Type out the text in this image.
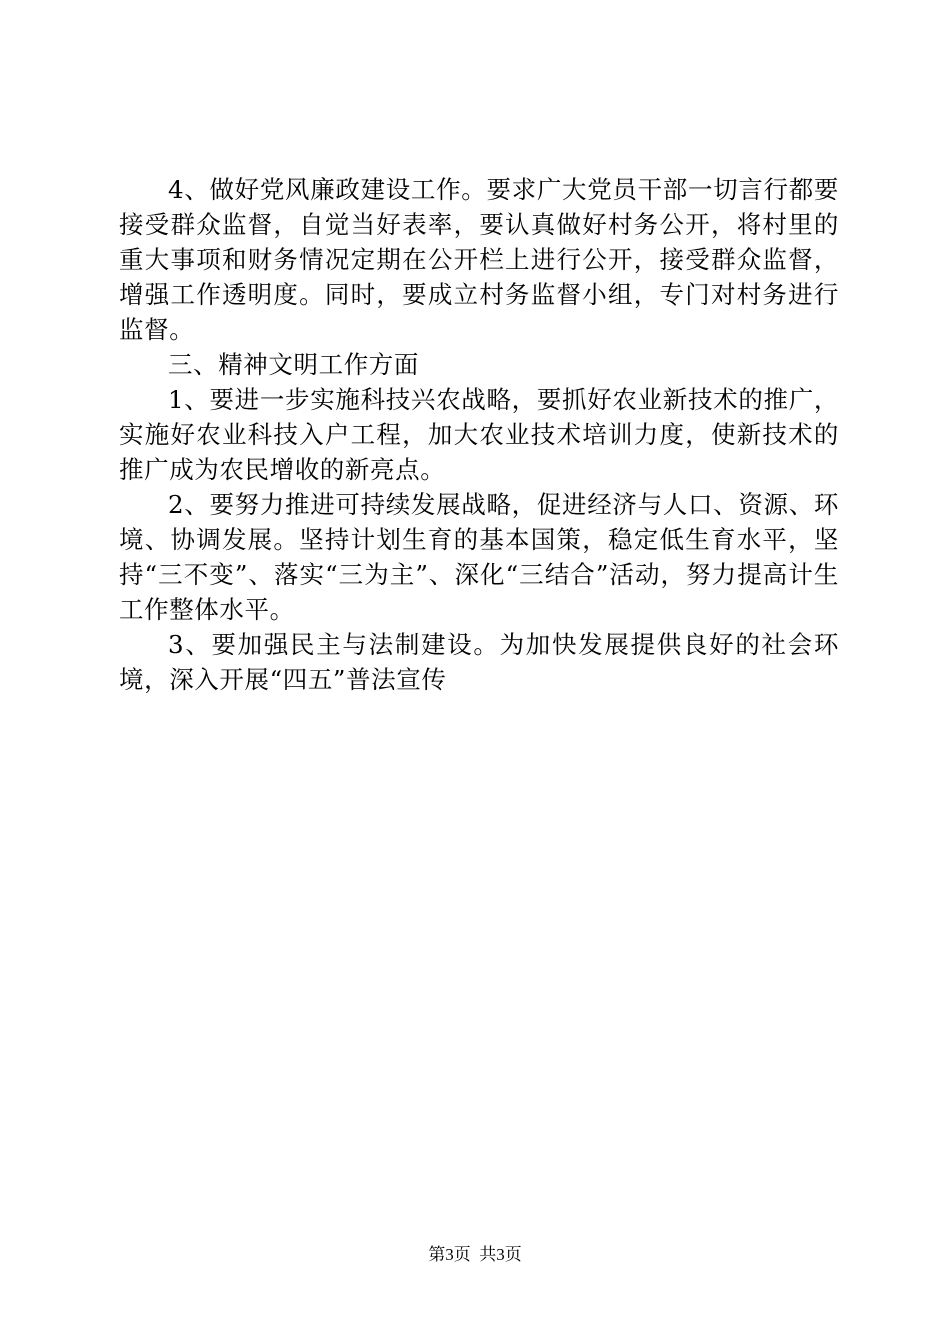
4、做好党风廉政建设工作。要求广大党员干部一切言行都要接受群众监督，自觉当好表率，要认真做好村务公开，将村里的重大事项和财务情况定期在公开栏上进行公开，接受群众监督，增强工作透明度。同时，要成立村务监督小组，专门对村务进行监督。

三、精神文明工作方面

1、要进一步实施科技兴农战略，要抓好农业新技术的推广，实施好农业科技入户工程，加大农业技术培训力度，使新技术的推广成为农民增收的新亮点。

2、要努力推进可持续发展战略，促进经济与人口、资源、环境、协调发展。坚持计划生育的基本国策，稳定低生育水平，坚持“三不变”、落实“三为主”、深化“三结合”活动，努力提高计生工作整体水平。

3、要加强民主与法制建设。为加快发展提供良好的社会环境，深入开展“四五”普法宣传

第3页 共3页
